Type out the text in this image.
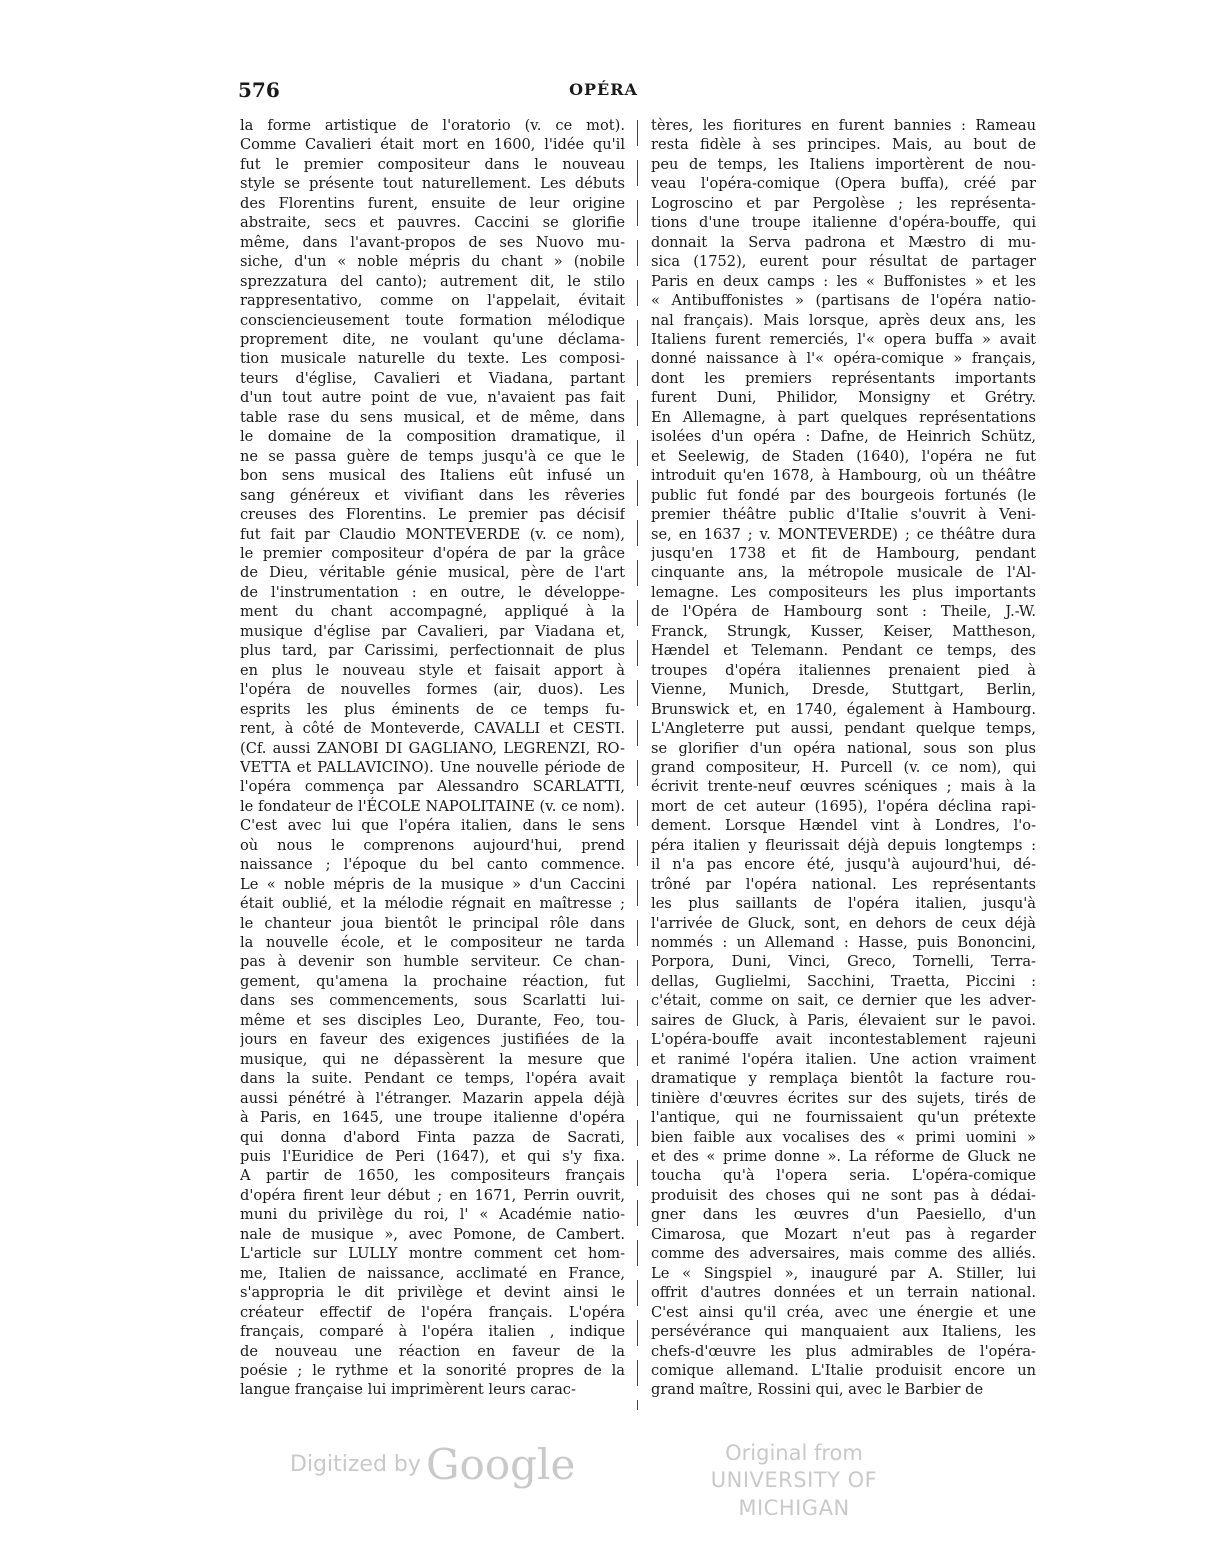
576	OPÉRA
la forme artistique de l'oratorio (v. ce mot).
Comme Cavalieri était mort en 1600, l'idée qu'il
fut le premier compositeur dans le nouveau
style se présente tout naturellement. Les débuts
des Florentins furent, ensuite de leur origine
abstraite, secs et pauvres. Caccini se glorifie
même, dans l'avant-propos de ses Nuovo mu-
siche, d'un « noble mépris du chant » (nobile
sprezzatura del canto); autrement dit, le stilo
rappresentativo, comme on l'appelait, évitait
consciencieusement toute formation mélodique
proprement dite, ne voulant qu'une déclama-
tion musicale naturelle du texte. Les composi-
teurs d'église, Cavalieri et Viadana, partant
d'un tout autre point de vue, n'avaient pas fait
table rase du sens musical, et de même, dans
le domaine de la composition dramatique, il
ne se passa guère de temps jusqu'à ce que le
bon sens musical des Italiens eût infusé un
sang généreux et vivifiant dans les rêveries
creuses des Florentins. Le premier pas décisif
fut fait par Claudio MONTEVERDE (v. ce nom),
le premier compositeur d'opéra de par la grâce
de Dieu, véritable génie musical, père de l'art
de l'instrumentation : en outre, le développe-
ment du chant accompagné, appliqué à la
musique d'église par Cavalieri, par Viadana et,
plus tard, par Carissimi, perfectionnait de plus
en plus le nouveau style et faisait apport à
l'opéra de nouvelles formes (air, duos). Les
esprits les plus éminents de ce temps fu-
rent, à côté de Monteverde, CAVALLI et CESTI.
(Cf. aussi ZANOBI DI GAGLIANO, LEGRENZI, RO-
VETTA et PALLAVICINO). Une nouvelle période de
l'opéra commença par Alessandro SCARLATTI,
le fondateur de l'ÉCOLE NAPOLITAINE (v. ce nom).
C'est avec lui que l'opéra italien, dans le sens
où nous le comprenons aujourd'hui, prend
naissance ; l'époque du bel canto commence.
Le « noble mépris de la musique » d'un Caccini
était oublié, et la mélodie régnait en maîtresse ;
le chanteur joua bientôt le principal rôle dans
la nouvelle école, et le compositeur ne tarda
pas à devenir son humble serviteur. Ce chan-
gement, qu'amena la prochaine réaction, fut
dans ses commencements, sous Scarlatti lui-
même et ses disciples Leo, Durante, Feo, tou-
jours en faveur des exigences justifiées de la
musique, qui ne dépassèrent la mesure que
dans la suite. Pendant ce temps, l'opéra avait
aussi pénétré à l'étranger. Mazarin appela déjà
à Paris, en 1645, une troupe italienne d'opéra
qui donna d'abord Finta pazza de Sacrati,
puis l'Euridice de Peri (1647), et qui s'y fixa.
A partir de 1650, les compositeurs français
d'opéra firent leur début ; en 1671, Perrin ouvrit,
muni du privilège du roi, l' « Académie natio-
nale de musique », avec Pomone, de Cambert.
L'article sur LULLY montre comment cet hom-
me, Italien de naissance, acclimaté en France,
s'appropria le dit privilège et devint ainsi le
créateur effectif de l'opéra français. L'opéra
français, comparé à l'opéra italien , indique
de nouveau une réaction en faveur de la
poésie ; le rythme et la sonorité propres de la
langue française lui imprimèrent leurs carac-
tères, les fioritures en furent bannies : Rameau
resta fidèle à ses principes. Mais, au bout de
peu de temps, les Italiens importèrent de nou-
veau l'opéra-comique (Opera buffa), créé par
Logroscino et par Pergolèse ; les représenta-
tions d'une troupe italienne d'opéra-bouffe, qui
donnait la Serva padrona et Mæstro di mu-
sica (1752), eurent pour résultat de partager
Paris en deux camps : les « Buffonistes » et les
« Antibuffonistes » (partisans de l'opéra natio-
nal français). Mais lorsque, après deux ans, les
Italiens furent remerciés, l'« opera buffa » avait
donné naissance à l'« opéra-comique » français,
dont les premiers représentants importants
furent Duni, Philidor, Monsigny et Grétry.
En Allemagne, à part quelques représentations
isolées d'un opéra : Dafne, de Heinrich Schütz,
et Seelewig, de Staden (1640), l'opéra ne fut
introduit qu'en 1678, à Hambourg, où un théâtre
public fut fondé par des bourgeois fortunés (le
premier théâtre public d'Italie s'ouvrit à Veni-
se, en 1637 ; v. MONTEVERDE) ; ce théâtre dura
jusqu'en 1738 et fit de Hambourg, pendant
cinquante ans, la métropole musicale de l'Al-
lemagne. Les compositeurs les plus importants
de l'Opéra de Hambourg sont : Theile, J.-W.
Franck, Strungk, Kusser, Keiser, Mattheson,
Hændel et Telemann. Pendant ce temps, des
troupes d'opéra italiennes prenaient pied à
Vienne, Munich, Dresde, Stuttgart, Berlin,
Brunswick et, en 1740, également à Hambourg.
L'Angleterre put aussi, pendant quelque temps,
se glorifier d'un opéra national, sous son plus
grand compositeur, H. Purcell (v. ce nom), qui
écrivit trente-neuf œuvres scéniques ; mais à la
mort de cet auteur (1695), l'opéra déclina rapi-
dement. Lorsque Hændel vint à Londres, l'o-
péra italien y fleurissait déjà depuis longtemps :
il n'a pas encore été, jusqu'à aujourd'hui, dé-
trôné par l'opéra national. Les représentants
les plus saillants de l'opéra italien, jusqu'à
l'arrivée de Gluck, sont, en dehors de ceux déjà
nommés : un Allemand : Hasse, puis Bononcini,
Porpora, Duni, Vinci, Greco, Tornelli, Terra-
dellas, Guglielmi, Sacchini, Traetta, Piccini :
c'était, comme on sait, ce dernier que les adver-
saires de Gluck, à Paris, élevaient sur le pavoi.
L'opéra-bouffe avait incontestablement rajeuni
et ranimé l'opéra italien. Une action vraiment
dramatique y remplaça bientôt la facture rou-
tinière d'œuvres écrites sur des sujets, tirés de
l'antique, qui ne fournissaient qu'un prétexte
bien faible aux vocalises des « primi uomini »
et des « prime donne ». La réforme de Gluck ne
toucha qu'à l'opera seria. L'opéra-comique
produisit des choses qui ne sont pas à dédai-
gner dans les œuvres d'un Paesiello, d'un
Cimarosa, que Mozart n'eut pas à regarder
comme des adversaires, mais comme des alliés.
Le « Singspiel », inauguré par A. Stiller, lui
offrit d'autres données et un terrain national.
C'est ainsi qu'il créa, avec une énergie et une
persévérance qui manquaient aux Italiens, les
chefs-d'œuvre les plus admirables de l'opéra-
comique allemand. L'Italie produisit encore un
grand maître, Rossini qui, avec le Barbier de
Digitized by Google	Original from
UNIVERSITY OF MICHIGAN
